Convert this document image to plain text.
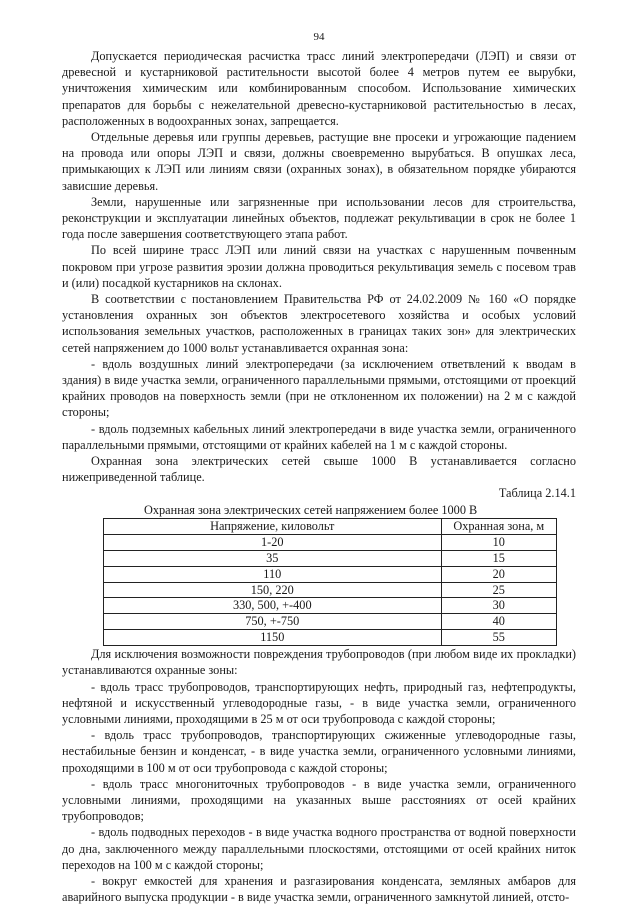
94

Допускается периодическая расчистка трасс линий электропередачи (ЛЭП) и связи от древесной и кустарниковой растительности высотой более 4 метров путем ее вырубки, уничтожения химическим или комбинированным способом. Использование химических препаратов для борьбы с нежелательной древесно-кустарниковой растительностью в лесах, расположенных в водоохранных зонах, запрещается.

Отдельные деревья или группы деревьев, растущие вне просеки и угрожающие падением на провода или опоры ЛЭП и связи, должны своевременно вырубаться. В опушках леса, примыкающих к ЛЭП или линиям связи (охранных зонах), в обязательном порядке убираются зависшие деревья.

Земли, нарушенные или загрязненные при использовании лесов для строительства, реконструкции и эксплуатации линейных объектов, подлежат рекультивации в срок не более 1 года после завершения соответствующего этапа работ.

По всей ширине трасс ЛЭП или линий связи на участках с нарушенным почвенным покровом при угрозе развития эрозии должна проводиться рекультивация земель с посевом трав и (или) посадкой кустарников на склонах.

В соответствии с постановлением Правительства РФ от 24.02.2009 № 160 «О порядке установления охранных зон объектов электросетевого хозяйства и особых условий использования земельных участков, расположенных в границах таких зон» для электрических сетей напряжением до 1000 вольт устанавливается охранная зона:

- вдоль воздушных линий электропередачи (за исключением ответвлений к вводам в здания) в виде участка земли, ограниченного параллельными прямыми, отстоящими от проекций крайних проводов на поверхность земли (при не отклоненном их положении) на 2 м с каждой стороны;

- вдоль подземных кабельных линий электропередачи в виде участка земли, ограниченного параллельными прямыми, отстоящими от крайних кабелей на 1 м с каждой стороны.

Охранная зона электрических сетей свыше 1000 В устанавливается согласно нижеприведенной таблице.

Таблица 2.14.1
Охранная зона электрических сетей напряжением более 1000 В
Напряжение, киловольт	Охранная зона, м
1-20	10
35	15
110	20
150, 220	25
330, 500, +-400	30
750, +-750	40
1150	55

Для исключения возможности повреждения трубопроводов (при любом виде их прокладки) устанавливаются охранные зоны:

- вдоль трасс трубопроводов, транспортирующих нефть, природный газ, нефтепродукты, нефтяной и искусственный углеводородные газы, - в виде участка земли, ограниченного условными линиями, проходящими в 25 м от оси трубопровода с каждой стороны;

- вдоль трасс трубопроводов, транспортирующих сжиженные углеводородные газы, нестабильные бензин и конденсат, - в виде участка земли, ограниченного условными линиями, проходящими в 100 м от оси трубопровода с каждой стороны;

- вдоль трасс многониточных трубопроводов - в виде участка земли, ограниченного условными линиями, проходящими на указанных выше расстояниях от осей крайних трубопроводов;

- вдоль подводных переходов - в виде участка водного пространства от водной поверхности до дна, заключенного между параллельными плоскостями, отстоящими от осей крайних ниток переходов на 100 м с каждой стороны;

- вокруг емкостей для хранения и разгазирования конденсата, земляных амбаров для аварийного выпуска продукции - в виде участка земли, ограниченного замкнутой линией, отсто-
